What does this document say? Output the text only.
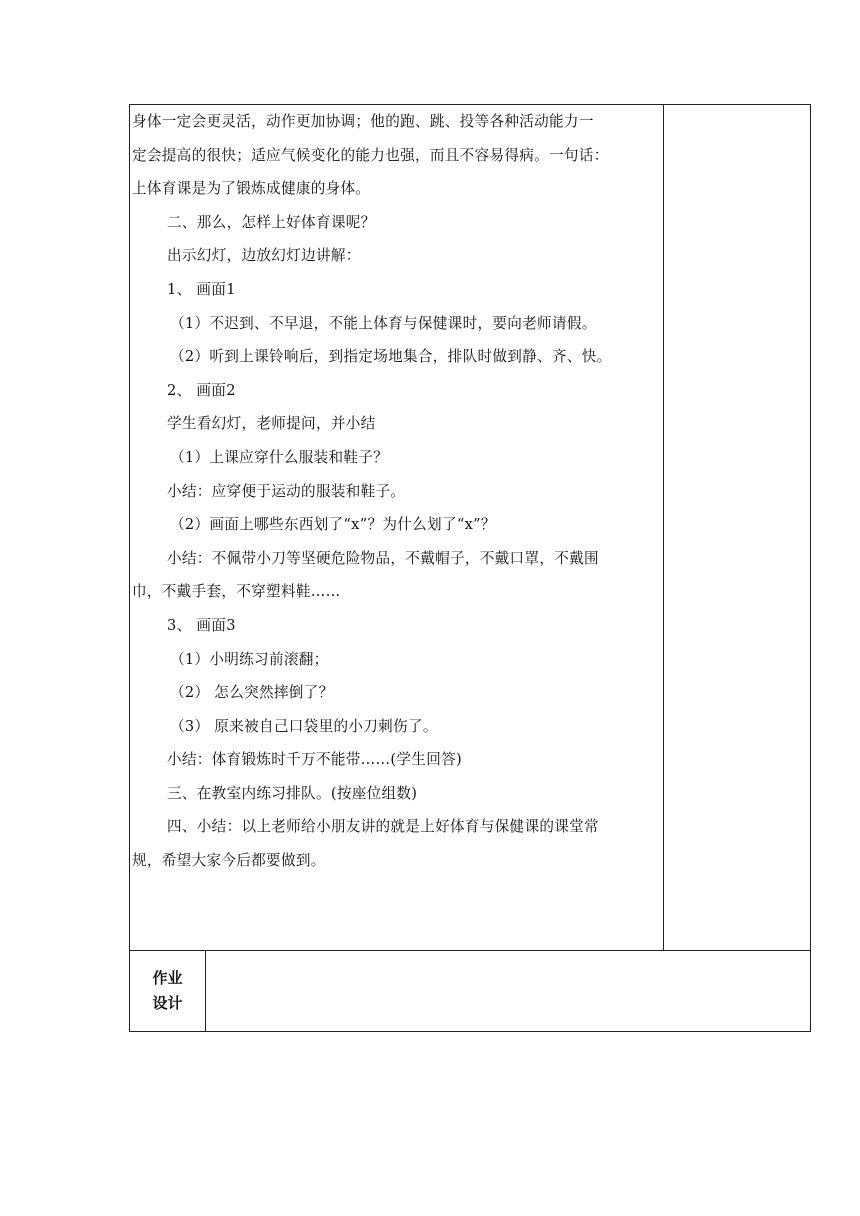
身体一定会更灵活，动作更加协调；他的跑、跳、投等各种活动能力一
定会提高的很快；适应气候变化的能力也强，而且不容易得病。一句话：
上体育课是为了锻炼成健康的身体。
二、那么，怎样上好体育课呢？
出示幻灯，边放幻灯边讲解：
1、 画面1
（1）不迟到、不早退，不能上体育与保健课时，要向老师请假。
（2）听到上课铃响后，到指定场地集合，排队时做到静、齐、快。
2、 画面2
学生看幻灯，老师提问，并小结
（1）上课应穿什么服装和鞋子？
小结：应穿便于运动的服装和鞋子。
（2）画面上哪些东西划了“x”？为什么划了“x”？
小结：不佩带小刀等坚硬危险物品，不戴帽子，不戴口罩，不戴围
巾，不戴手套，不穿塑料鞋……
3、 画面3
（1）小明练习前滚翻；
（2） 怎么突然摔倒了？
（3） 原来被自己口袋里的小刀刺伤了。
小结：体育锻炼时千万不能带……(学生回答)
三、在教室内练习排队。(按座位组数)
四、小结：以上老师给小朋友讲的就是上好体育与保健课的课堂常
规，希望大家今后都要做到。
作业
设计
